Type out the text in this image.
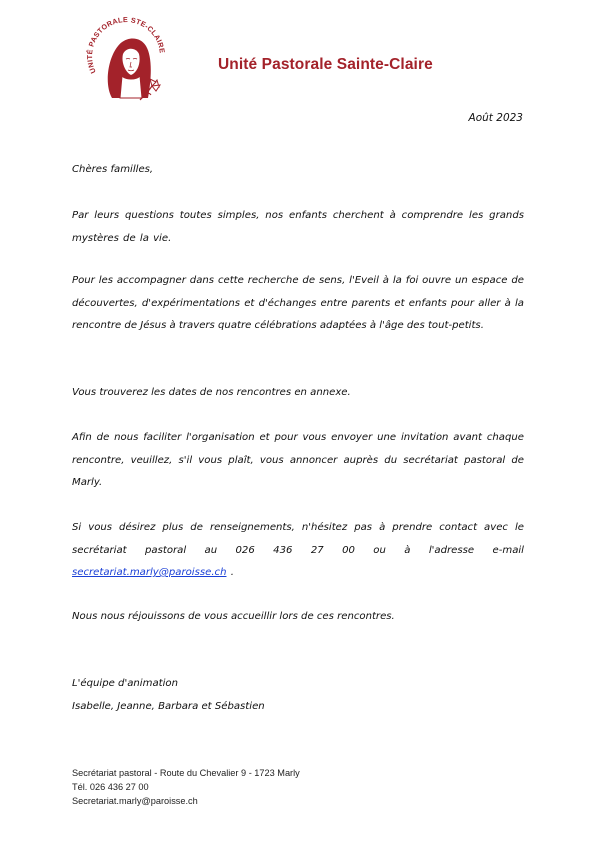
UNITÉ PASTORALE STE-CLAIRE
Unité Pastorale Sainte-Claire
Août 2023

Chères familles,

Par leurs questions toutes simples, nos enfants cherchent à comprendre les grands mystères de la vie.

Pour les accompagner dans cette recherche de sens, l'Eveil à la foi ouvre un espace de découvertes, d'expérimentations et d'échanges entre parents et enfants pour aller à la rencontre de Jésus à travers quatre célébrations adaptées à l'âge des tout-petits.

Vous trouverez les dates de nos rencontres en annexe.

Afin de nous faciliter l'organisation et pour vous envoyer une invitation avant chaque rencontre, veuillez, s'il vous plaît, vous annoncer auprès du secrétariat pastoral de Marly.

Si vous désirez plus de renseignements, n'hésitez pas à prendre contact avec le secrétariat pastoral au 026 436 27 00 ou à l'adresse e-mail secretariat.marly@paroisse.ch .

Nous nous réjouissons de vous accueillir lors de ces rencontres.

L'équipe d'animation
Isabelle, Jeanne, Barbara et Sébastien
Secrétariat pastoral - Route du Chevalier 9 - 1723 Marly
Tél. 026 436 27 00
Secretariat.marly@paroisse.ch
